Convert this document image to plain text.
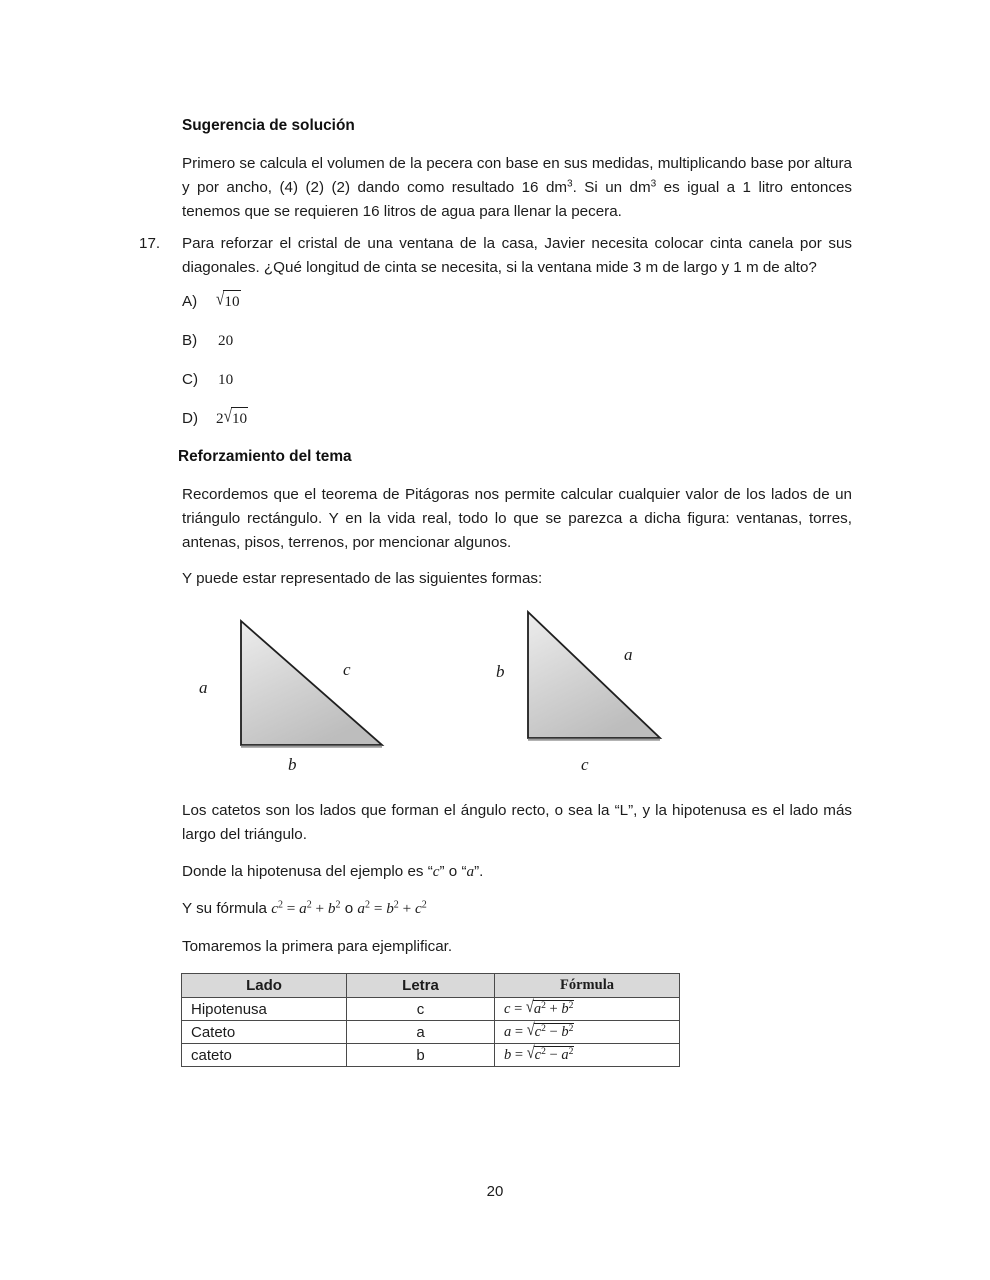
Sugerencia de solución
Primero se calcula el volumen de la pecera con base en sus medidas, multiplicando base por altura y por ancho, (4) (2) (2) dando como resultado 16 $dm^3$. Si un $dm^3$ es igual a 1 litro entonces tenemos que se requieren 16 litros de agua para llenar la pecera.
17. Para reforzar el cristal de una ventana de la casa, Javier necesita colocar cinta canela por sus diagonales. ¿Qué longitud de cinta se necesita, si la ventana mide 3 m de largo y 1 m de alto?
A) √10
B) 20
C) 10
D) 2√10
Reforzamiento del tema
Recordemos que el teorema de Pitágoras nos permite calcular cualquier valor de los lados de un triángulo rectángulo. Y en la vida real, todo lo que se parezca a dicha figura: ventanas, torres, antenas, pisos, terrenos, por mencionar algunos.
Y puede estar representado de las siguientes formas:
a
b
c	b
c
a
Los catetos son los lados que forman el ángulo recto, o sea la “L”, y la hipotenusa es el lado más largo del triángulo.
Donde la hipotenusa del ejemplo es “c” o “a”.
Y su fórmula $c^2 = a^2 + b^2$ o $a^2 = b^2 + c^2$
Tomaremos la primera para ejemplificar.
Lado	Letra	Fórmula
Hipotenusa	c	$c = √a^2 + b^2$
Cateto	a	$a = √c^2 - b^2$
cateto	b	$b = √c^2 - a^2$
20
